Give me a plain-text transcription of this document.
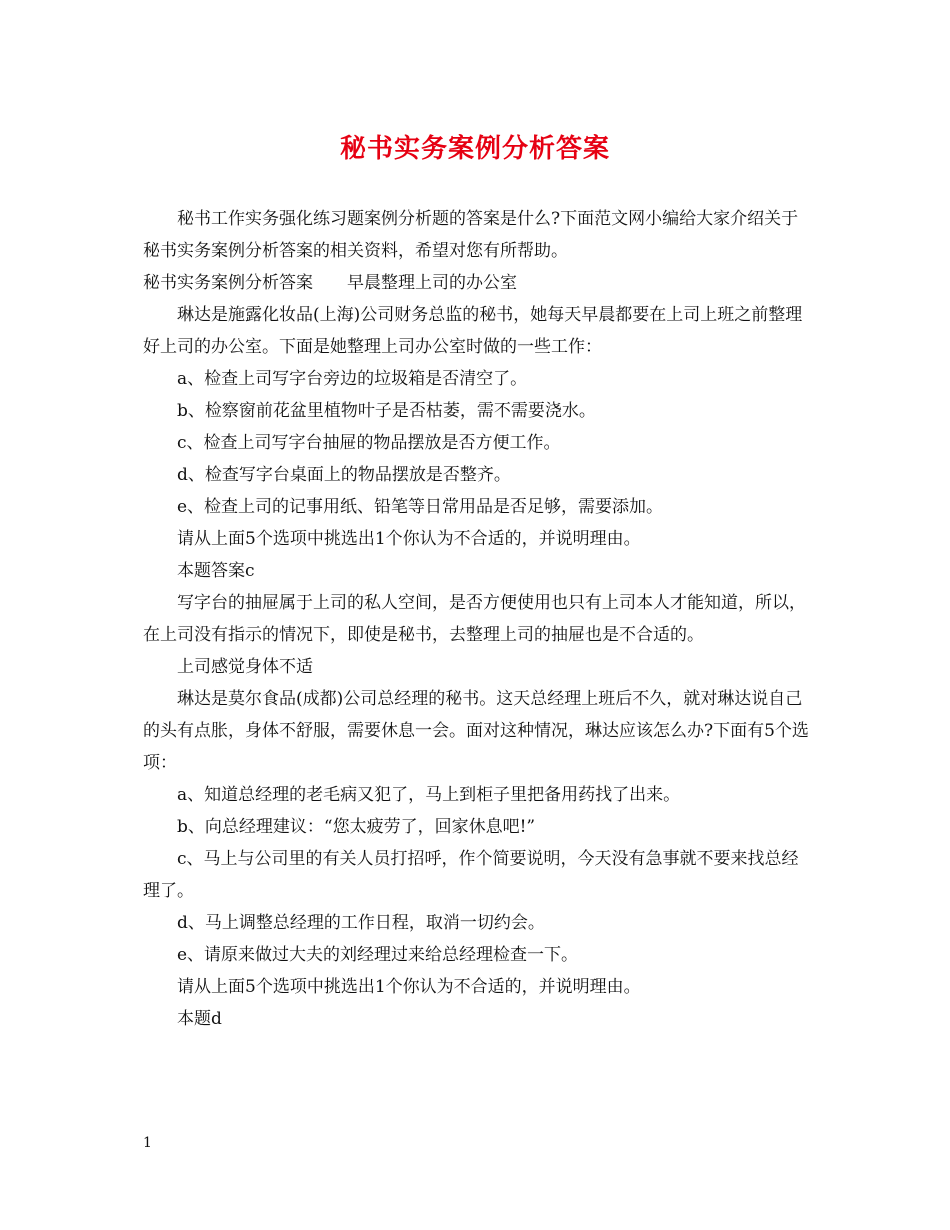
秘书实务案例分析答案

秘书工作实务强化练习题案例分析题的答案是什么?下面范文网小编给大家介绍关于秘书实务案例分析答案的相关资料，希望对您有所帮助。

秘书实务案例分析答案　　早晨整理上司的办公室

琳达是施露化妆品(上海)公司财务总监的秘书，她每天早晨都要在上司上班之前整理好上司的办公室。下面是她整理上司办公室时做的一些工作：

a、检查上司写字台旁边的垃圾箱是否清空了。

b、检察窗前花盆里植物叶子是否枯萎，需不需要浇水。

c、检查上司写字台抽屉的物品摆放是否方便工作。

d、检查写字台桌面上的物品摆放是否整齐。

e、检查上司的记事用纸、铅笔等日常用品是否足够，需要添加。

请从上面5个选项中挑选出1个你认为不合适的，并说明理由。

本题答案c

写字台的抽屉属于上司的私人空间，是否方便使用也只有上司本人才能知道，所以，在上司没有指示的情况下，即使是秘书，去整理上司的抽屉也是不合适的。

上司感觉身体不适

琳达是莫尔食品(成都)公司总经理的秘书。这天总经理上班后不久，就对琳达说自己的头有点胀，身体不舒服，需要休息一会。面对这种情况，琳达应该怎么办?下面有5个选项：

a、知道总经理的老毛病又犯了，马上到柜子里把备用药找了出来。

b、向总经理建议：“您太疲劳了，回家休息吧!”

c、马上与公司里的有关人员打招呼，作个简要说明，今天没有急事就不要来找总经理了。

d、马上调整总经理的工作日程，取消一切约会。

e、请原来做过大夫的刘经理过来给总经理检查一下。

请从上面5个选项中挑选出1个你认为不合适的，并说明理由。

本题d

1
